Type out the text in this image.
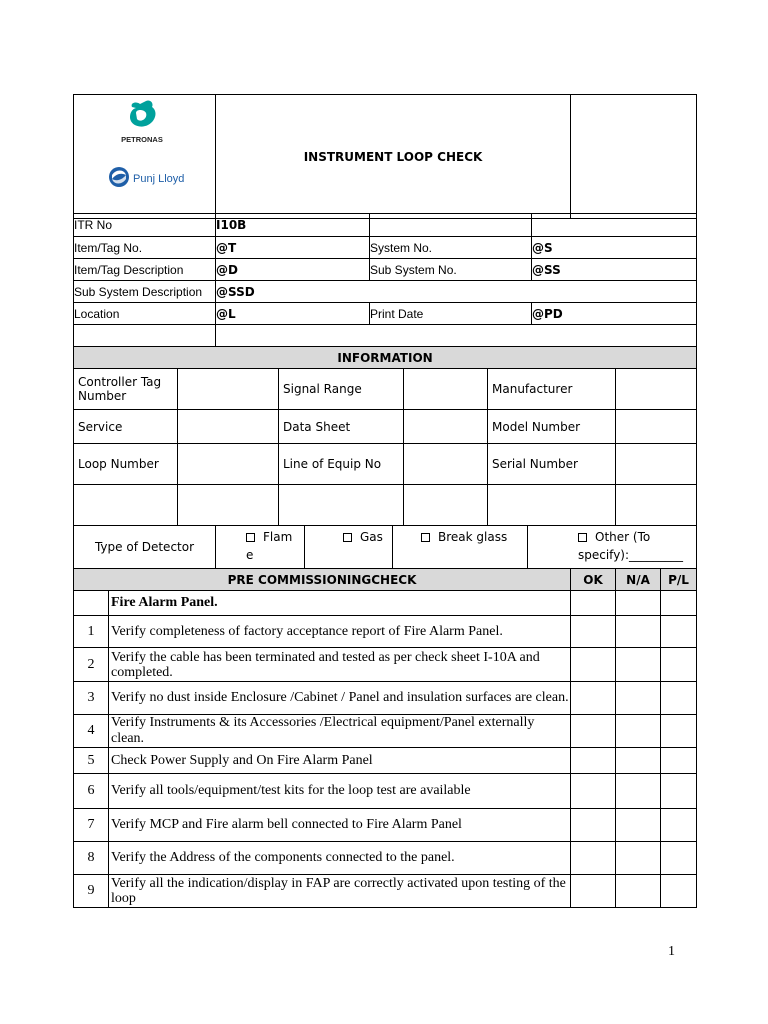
PETRONAS
Punj Lloyd
	INSTRUMENT LOOP CHECK	
ITR No	I10B		
Item/Tag No.	@T	System No.	@S
Item/Tag Description	@D	Sub System No.	@SS
Sub System Description	@SSD		
Location	@L	Print Date	@PD

INFORMATION					
Controller Tag Number		Signal Range		Manufacturer	
Service		Data Sheet		Model Number	
Loop Number		Line of Equip No		Serial Number	

Type of Detector	Flam e	Gas	Break glass	Other (To specify):_________
PRE COMMISSIONINGCHECK		OK	N/A	P/L
	Fire Alarm Panel.			
1	Verify completeness of factory acceptance report of Fire Alarm Panel.			
2	Verify the cable has been terminated and tested as per check sheet I-10A and completed.			
3	Verify no dust inside Enclosure /Cabinet / Panel and insulation surfaces are clean.			
4	Verify Instruments & its Accessories /Electrical equipment/Panel externally clean.			
5	Check Power Supply and On Fire Alarm Panel			
6	Verify all tools/equipment/test kits for the loop test are available			
7	Verify MCP and Fire alarm bell connected to Fire Alarm Panel			
8	Verify the Address of the components connected to the panel.			
9	Verify all the indication/display in FAP are correctly activated upon testing of the loop			
1
